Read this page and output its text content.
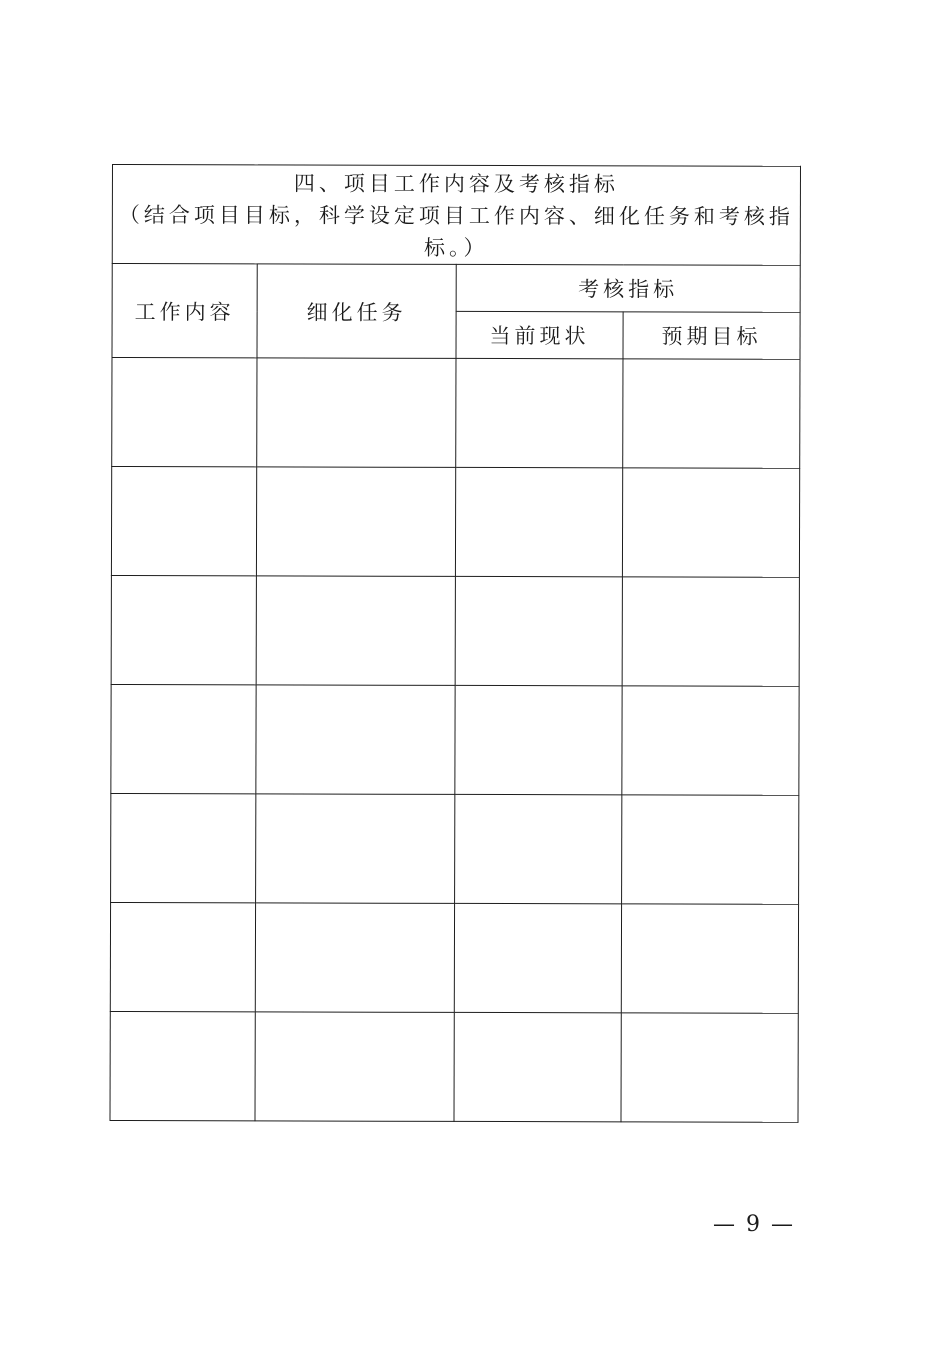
四、项目工作内容及考核指标
（结合项目目标，科学设定项目工作内容、细化任务和考核指标。）			

工作内容	细化任务	考核指标	
		当前现状	预期目标

— 9 —
